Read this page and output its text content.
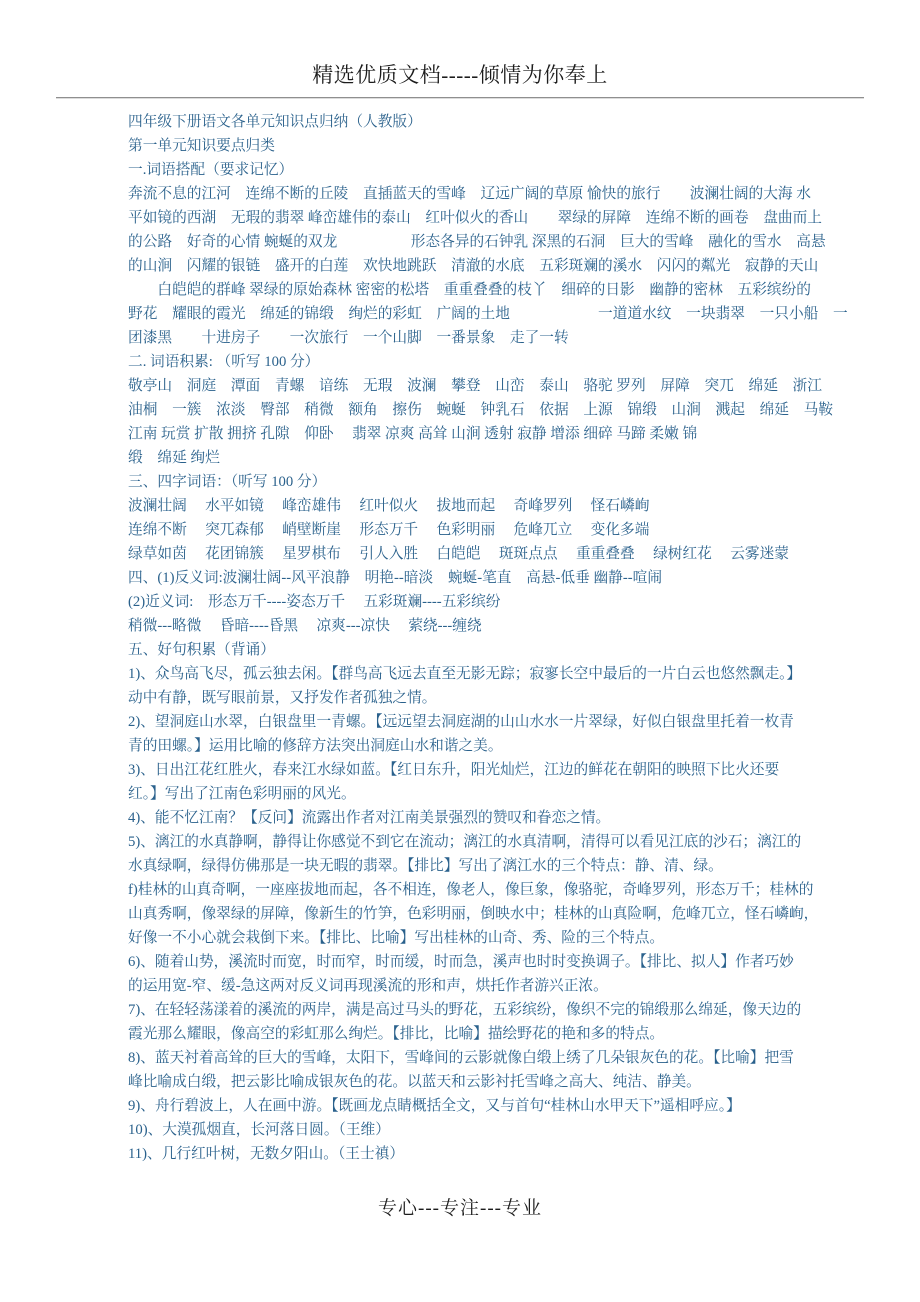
精选优质文档-----倾情为你奉上
四年级下册语文各单元知识点归纳（人教版）
第一单元知识要点归类
一.词语搭配（要求记忆）
奔流不息的江河　连绵不断的丘陵　直插蓝天的雪峰　辽远广阔的草原 愉快的旅行　　波澜壮阔的大海 水
平如镜的西湖　无瑕的翡翠 峰峦雄伟的泰山　红叶似火的香山　　翠绿的屏障　连绵不断的画卷　盘曲而上
的公路　好奇的心情 蜿蜒的双龙　　　　　形态各异的石钟乳 深黑的石洞　巨大的雪峰　融化的雪水　高悬
的山涧　闪耀的银链　盛开的白莲　欢快地跳跃　清澈的水底　五彩斑斓的溪水　闪闪的粼光　寂静的天山
　　白皑皑的群峰 翠绿的原始森林 密密的松塔　重重叠叠的枝丫　细碎的日影　幽静的密林　五彩缤纷的
野花　耀眼的霞光　绵延的锦缎　绚烂的彩虹　广阔的土地　　　　　　一道道水纹　一块翡翠　一只小船　一
团漆黑　　十进房子　　一次旅行　一个山脚　一番景象　走了一转
二. 词语积累: （听写 100 分）
敬亭山　洞庭　潭面　青螺　谙练　无瑕　波澜　攀登　山峦　泰山　骆驼 罗列　屏障　突兀　绵延　浙江
油桐　一簇　浓淡　臀部　稍微　额角　擦伤　蜿蜒　钟乳石　依据　上源　锦缎　山涧　溅起　绵延　马鞍
江南 玩赏 扩散 拥挤 孔隙　仰卧　 翡翠 凉爽 高耸 山涧 透射 寂静 增添 细碎 马蹄 柔嫩 锦
缎　绵延 绚烂
三、四字词语：（听写 100 分）
波澜壮阔　 水平如镜　 峰峦雄伟　 红叶似火　 拔地而起　 奇峰罗列　 怪石嶙峋
连绵不断　 突兀森郁　 峭壁断崖　 形态万千　 色彩明丽　 危峰兀立　 变化多端
绿草如茵　 花团锦簇　 星罗棋布　 引人入胜　 白皑皑　 斑斑点点　 重重叠叠　 绿树红花　 云雾迷蒙
四、(1)反义词:波澜壮阔--风平浪静　明艳--暗淡　蜿蜒-笔直　高悬-低垂 幽静--喧闹
(2)近义词:　形态万千----姿态万千　 五彩斑斓----五彩缤纷
稍微---略微　 昏暗----昏黑　 凉爽---凉快　 萦绕---缠绕
五、好句积累（背诵）
1)、众鸟高飞尽，孤云独去闲。【群鸟高飞远去直至无影无踪；寂寥长空中最后的一片白云也悠然飘走。】
动中有静，既写眼前景，又抒发作者孤独之情。
2)、望洞庭山水翠，白银盘里一青螺。【远远望去洞庭湖的山山水水一片翠绿，好似白银盘里托着一枚青
青的田螺。】运用比喻的修辞方法突出洞庭山水和谐之美。
3)、日出江花红胜火，春来江水绿如蓝。【红日东升，阳光灿烂，江边的鲜花在朝阳的映照下比火还要
红。】写出了江南色彩明丽的风光。
4)、能不忆江南？【反问】流露出作者对江南美景强烈的赞叹和眷恋之情。
5)、漓江的水真静啊，静得让你感觉不到它在流动；漓江的水真清啊，清得可以看见江底的沙石；漓江的
水真绿啊，绿得仿佛那是一块无暇的翡翠。【排比】写出了漓江水的三个特点：静、清、绿。
f)桂林的山真奇啊，一座座拔地而起，各不相连，像老人，像巨象，像骆驼，奇峰罗列，形态万千；桂林的
山真秀啊，像翠绿的屏障，像新生的竹笋，色彩明丽，倒映水中；桂林的山真险啊，危峰兀立，怪石嶙峋，
好像一不小心就会栽倒下来。【排比、比喻】写出桂林的山奇、秀、险的三个特点。
6)、随着山势，溪流时而宽，时而窄，时而缓，时而急，溪声也时时变换调子。【排比、拟人】作者巧妙
的运用宽-窄、缓-急这两对反义词再现溪流的形和声，烘托作者游兴正浓。
7)、在轻轻荡漾着的溪流的两岸，满是高过马头的野花，五彩缤纷，像织不完的锦缎那么绵延，像天边的
霞光那么耀眼，像高空的彩虹那么绚烂。【排比，比喻】描绘野花的艳和多的特点。
8)、蓝天衬着高耸的巨大的雪峰，太阳下，雪峰间的云影就像白缎上绣了几朵银灰色的花。【比喻】把雪
峰比喻成白缎，把云影比喻成银灰色的花。以蓝天和云影衬托雪峰之高大、纯洁、静美。
9)、舟行碧波上，人在画中游。【既画龙点睛概括全文，又与首句“桂林山水甲天下”遥相呼应。】
10)、大漠孤烟直，长河落日圆。（王维）
11)、几行红叶树，无数夕阳山。（王士禛）
专心---专注---专业
